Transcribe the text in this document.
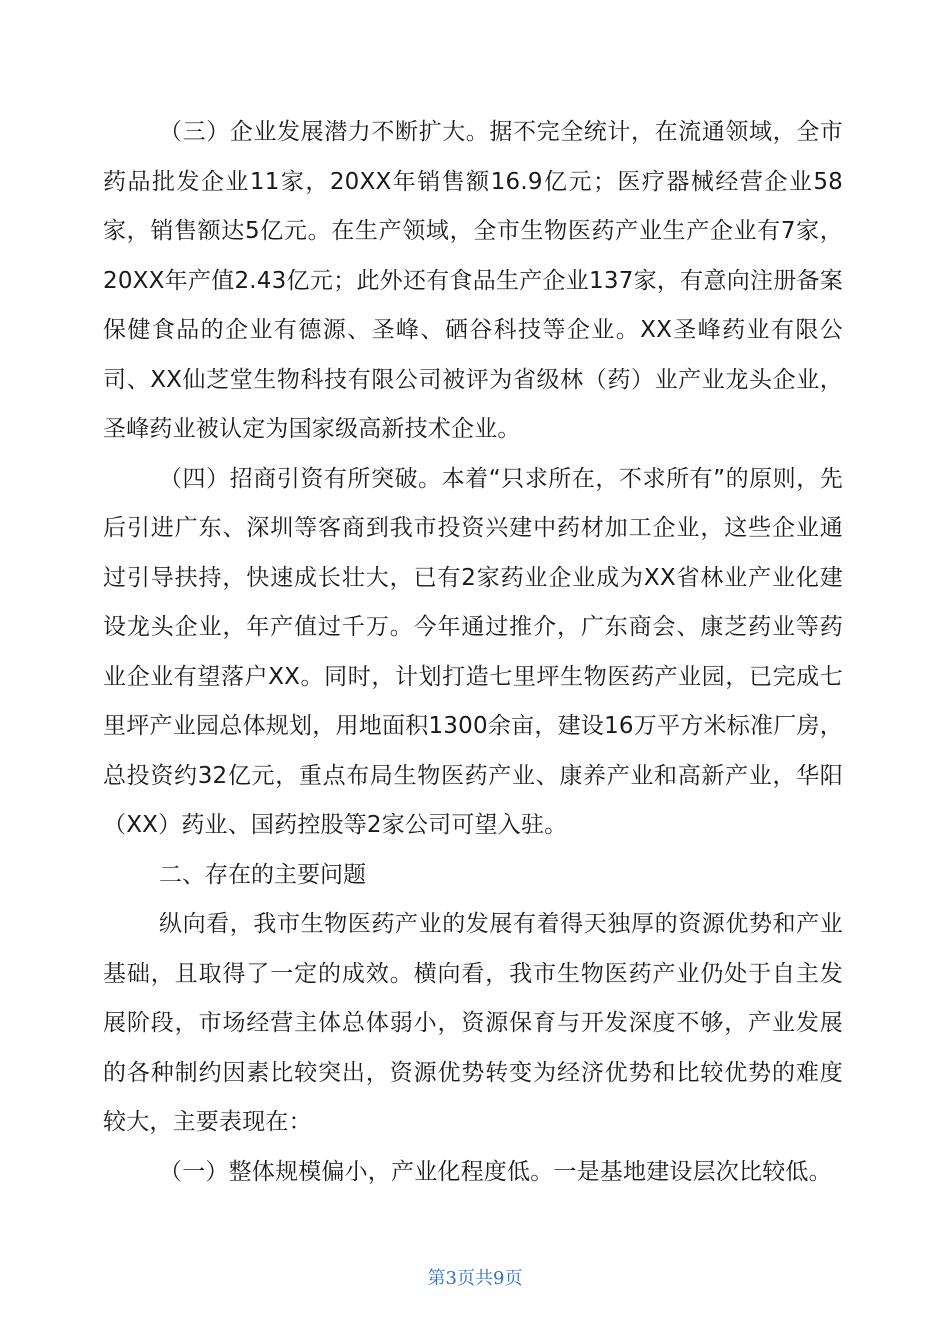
（三）企业发展潜力不断扩大。据不完全统计，在流通领域，全市药品批发企业11家，20XX年销售额16.9亿元；医疗器械经营企业58家，销售额达5亿元。在生产领域，全市生物医药产业生产企业有7家，20XX年产值2.43亿元；此外还有食品生产企业137家，有意向注册备案保健食品的企业有德源、圣峰、硒谷科技等企业。XX圣峰药业有限公司、XX仙芝堂生物科技有限公司被评为省级林（药）业产业龙头企业，圣峰药业被认定为国家级高新技术企业。

（四）招商引资有所突破。本着“只求所在，不求所有”的原则，先后引进广东、深圳等客商到我市投资兴建中药材加工企业，这些企业通过引导扶持，快速成长壮大，已有2家药业企业成为XX省林业产业化建设龙头企业，年产值过千万。今年通过推介，广东商会、康芝药业等药业企业有望落户XX。同时，计划打造七里坪生物医药产业园，已完成七里坪产业园总体规划，用地面积1300余亩，建设16万平方米标准厂房，总投资约32亿元，重点布局生物医药产业、康养产业和高新产业，华阳（XX）药业、国药控股等2家公司可望入驻。

二、存在的主要问题

纵向看，我市生物医药产业的发展有着得天独厚的资源优势和产业基础，且取得了一定的成效。横向看，我市生物医药产业仍处于自主发展阶段，市场经营主体总体弱小，资源保育与开发深度不够，产业发展的各种制约因素比较突出，资源优势转变为经济优势和比较优势的难度较大，主要表现在：

（一）整体规模偏小，产业化程度低。一是基地建设层次比较低。

第3页共9页
